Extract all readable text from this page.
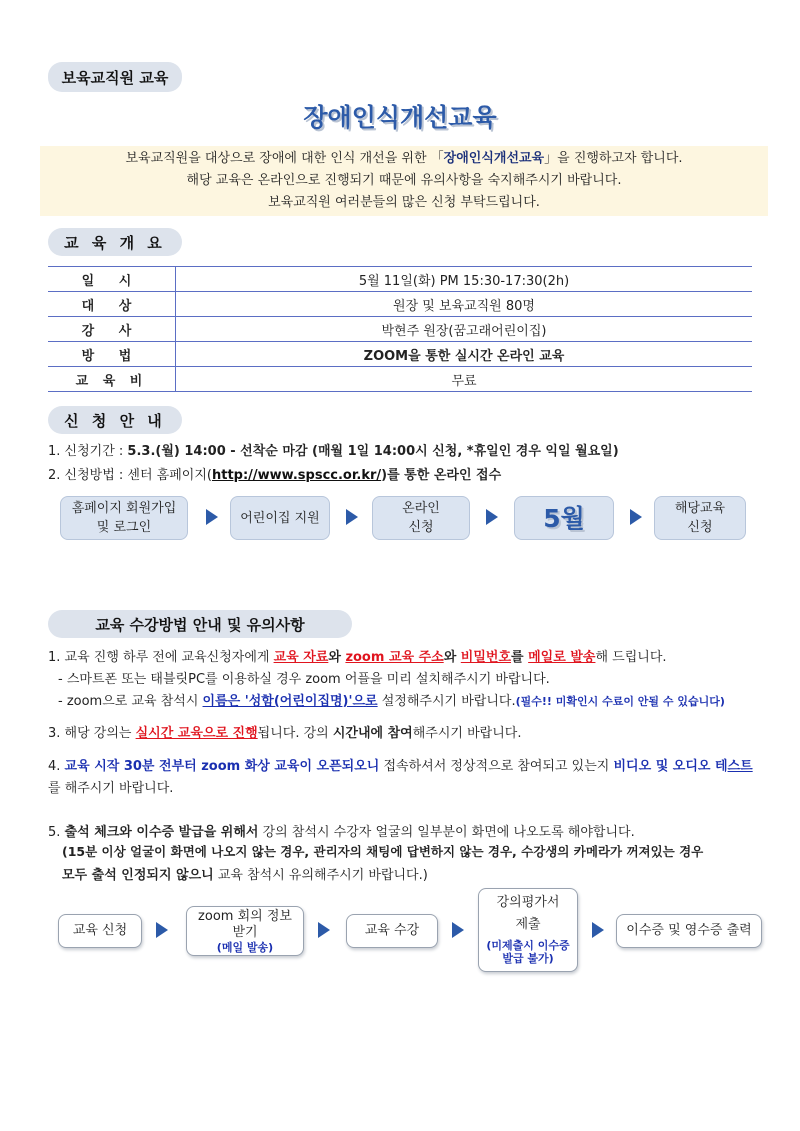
보육교직원 교육
장애인식개선교육
보육교직원을 대상으로 장애에 대한 인식 개선을 위한 「장애인식개선교육」을 진행하고자 합니다.
해당 교육은 온라인으로 진행되기 때문에 유의사항을 숙지해주시기 바랍니다.
보육교직원 여러분들의 많은 신청 부탁드립니다.
교 육 개 요
일 시	5월 11일(화) PM 15:30-17:30(2h)
대 상	원장 및 보육교직원 80명
강 사	박현주 원장(꿈고래어린이집)
방 법	ZOOM을 통한 실시간 온라인 교육
교 육 비	무료
신 청 안 내
1. 신청기간 : 5.3.(월) 14:00 - 선착순 마감 (매월 1일 14:00시 신청, *휴일인 경우 익일 월요일)
2. 신청방법 : 센터 홈페이지(http://www.spscc.or.kr/)를 통한 온라인 접수
홈페이지 회원가입
및 로그인
어린이집 지원
온라인
신청	5월	해당교육
신청
교육 수강방법 안내 및 유의사항
1. 교육 진행 하루 전에 교육신청자에게 교육 자료와 zoom 교육 주소와 비밀번호를 메일로 발송해 드립니다.
- 스마트폰 또는 태블릿PC를 이용하실 경우 zoom 어플을 미리 설치해주시기 바랍니다.
- zoom으로 교육 참석시 이름은 '성함(어린이집명)'으로 설정해주시기 바랍니다.(필수!! 미확인시 수료이 안될 수 있습니다)
3. 해당 강의는 실시간 교육으로 진행됩니다. 강의 시간내에 참여해주시기 바랍니다.
4. 교육 시작 30분 전부터 zoom 화상 교육이 오픈되오니 접속하셔서 정상적으로 참여되고 있는지 비디오 및 오디오 테스트를 해주시기 바랍니다.
5. 출석 체크와 이수증 발급을 위해서 강의 참석시 수강자 얼굴의 일부분이 화면에 나오도록 해야합니다.
(15분 이상 얼굴이 화면에 나오지 않는 경우, 관리자의 채팅에 답변하지 않는 경우, 수강생의 카메라가 꺼져있는 경우
모두 출석 인정되지 않으니 교육 참석시 유의해주시기 바랍니다.)
교육 신청
zoom 회의 정보
받기
(메일 발송)
교육 수강
강의평가서
제출
(미제출시 이수증
발급 불가)
이수증 및 영수증 출력
